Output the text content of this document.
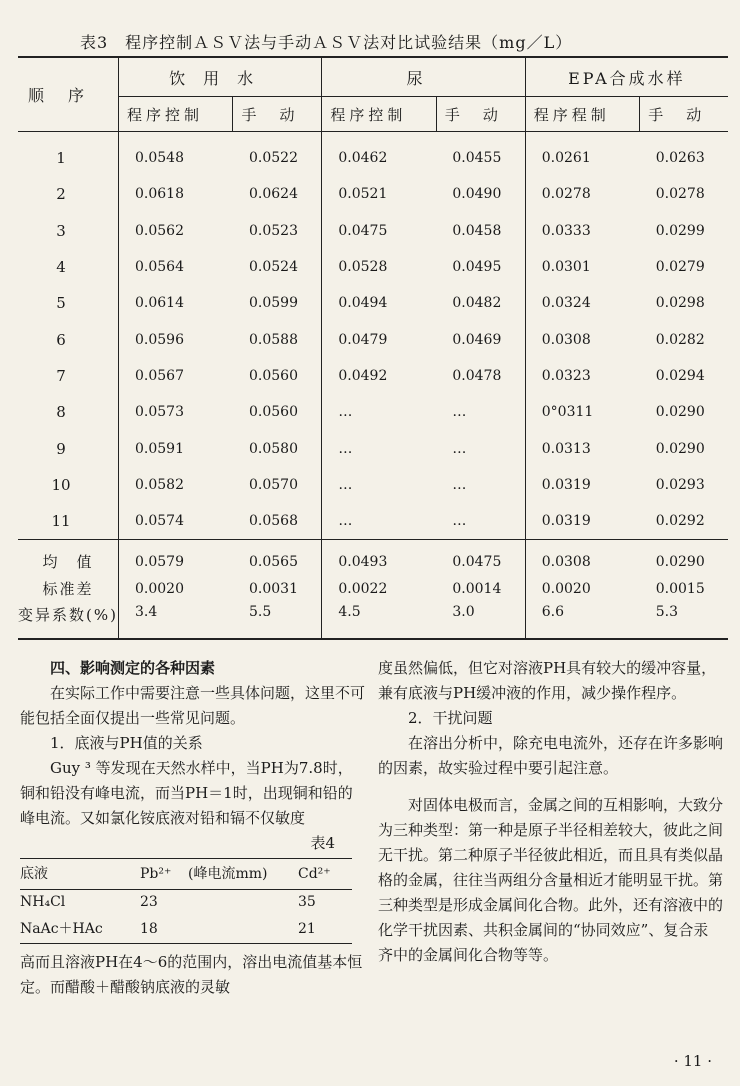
表3　程序控制ＡＳＶ法与手动ＡＳＶ法对比试验结果（mg／L）
顺序	饮用水		尿		EPA合成水样	
	程序控制	手　动	程序控制	手　动	程序程制	手　动
1	0.0548	0.0522	0.0462	0.0455	0.0261	0.0263
2	0.0618	0.0624	0.0521	0.0490	0.0278	0.0278
3	0.0562	0.0523	0.0475	0.0458	0.0333	0.0299
4	0.0564	0.0524	0.0528	0.0495	0.0301	0.0279
5	0.0614	0.0599	0.0494	0.0482	0.0324	0.0298
6	0.0596	0.0588	0.0479	0.0469	0.0308	0.0282
7	0.0567	0.0560	0.0492	0.0478	0.0323	0.0294
8	0.0573	0.0560	…	…	0°0311	0.0290
9	0.0591	0.0580	…	…	0.0313	0.0290
10	0.0582	0.0570	…	…	0.0319	0.0293
11	0.0574	0.0568	…	…	0.0319	0.0292
均　值	0.0579	0.0565	0.0493	0.0475	0.0308	0.0290
标准差	0.0020	0.0031	0.0022	0.0014	0.0020	0.0015
变异系数(%)	3.4	5.5	4.5	3.0	6.6	5.3

四、影响测定的各种因素

在实际工作中需要注意一些具体问题，这里不可能包括全面仅提出一些常见问题。

1．底液与PH值的关系

Guy ³ 等发现在天然水样中，当PH为7.8时，铜和铅没有峰电流，而当PH＝1时，出现铜和铅的峰电流。又如氯化铵底液对铅和镉不仅敏度

表4

底液	Pb²⁺	(峰电流mm)	Cd²⁺
NH₄Cl	23		35
NaAc＋HAc	18		21

高而且溶液PH在4～6的范围内，溶出电流值基本恒定。而醋酸＋醋酸钠底液的灵敏

度虽然偏低，但它对溶液PH具有较大的缓冲容量，兼有底液与PH缓冲液的作用，减少操作程序。

2．干扰问题

在溶出分析中，除充电电流外，还存在许多影响的因素，故实验过程中要引起注意。

对固体电极而言，金属之间的互相影响，大致分为三种类型：第一种是原子半径相差较大，彼此之间无干扰。第二种原子半径彼此相近，而且具有类似晶格的金属，往往当两组分含量相近才能明显干扰。第三种类型是形成金属间化合物。此外，还有溶液中的化学干扰因素、共积金属间的“协同效应”、复合汞齐中的金属间化合物等等。

· 11 ·
